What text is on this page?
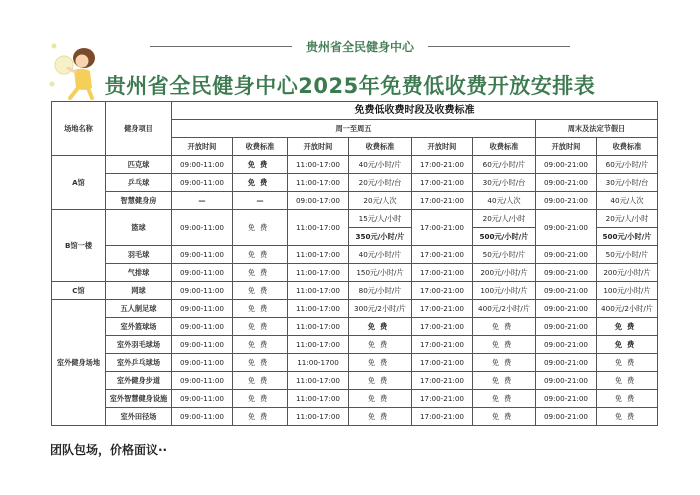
贵州省全民健身中心
贵州省全民健身中心2025年免费低收费开放安排表
场地名称	健身项目	免费低收费时段及收费标准							
		周一至周五						周末及法定节假日	
		开放时间	收费标准	开放时间	收费标准	开放时间	收费标准	开放时间	收费标准
A馆	匹克球	09:00-11:00	免费	11:00-17:00	40元/小时/片	17:00-21:00	60元/小时/片	09:00-21:00	60元/小时/片
	乒乓球	09:00-11:00	免费	11:00-17:00	20元/小时/台	17:00-21:00	30元/小时/台	09:00-21:00	30元/小时/台
	智慧健身房	—	—	09:00-17:00	20元/人次	17:00-21:00	40元/人次	09:00-21:00	40元/人次
B馆一楼	篮球	09:00-11:00	免费	11:00-17:00	15元/人/小时	17:00-21:00	20元/人/小时	09:00-21:00	20元/人/小时
					350元/小时/片		500元/小时/片		500元/小时/片
	羽毛球	09:00-11:00	免费	11:00-17:00	40元/小时/片	17:00-21:00	50元/小时/片	09:00-21:00	50元/小时/片
	气排球	09:00-11:00	免费	11:00-17:00	150元/小时/片	17:00-21:00	200元/小时/片	09:00-21:00	200元/小时/片
C馆	网球	09:00-11:00	免费	11:00-17:00	80元/小时/片	17:00-21:00	100元/小时/片	09:00-21:00	100元/小时/片
室外健身场地	五人制足球	09:00-11:00	免费	11:00-17:00	300元/2小时/片	17:00-21:00	400元/2小时/片	09:00-21:00	400元/2小时/片
	室外篮球场	09:00-11:00	免费	11:00-17:00	免费	17:00-21:00	免费	09:00-21:00	免费
	室外羽毛球场	09:00-11:00	免费	11:00-17:00	免费	17:00-21:00	免费	09:00-21:00	免费
	室外乒乓球场	09:00-11:00	免费	11:00-1700	免费	17:00-21:00	免费	09:00-21:00	免费
	室外健身步道	09:00-11:00	免费	11:00-17:00	免费	17:00-21:00	免费	09:00-21:00	免费
	室外智慧健身设施	09:00-11:00	免费	11:00-17:00	免费	17:00-21:00	免费	09:00-21:00	免费
	室外田径场	09:00-11:00	免费	11:00-17:00	免费	17:00-21:00	免费	09:00-21:00	免费
团队包场，价格面议··
